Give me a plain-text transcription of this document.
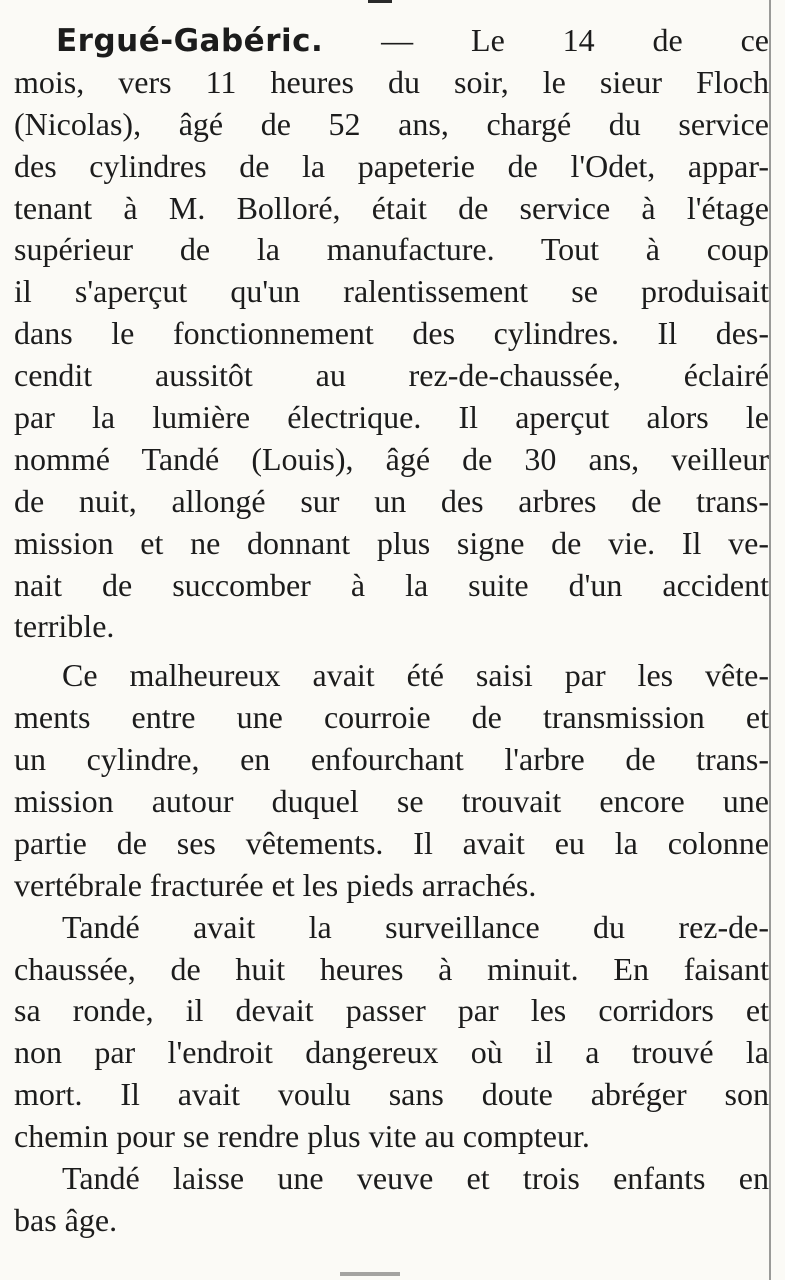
Ergué-Gabéric. — Le 14 de ce
mois, vers 11 heures du soir, le sieur Floch
(Nicolas), âgé de 52 ans, chargé du service
des cylindres de la papeterie de l'Odet, appar-
tenant à M. Bolloré, était de service à l'étage
supérieur de la manufacture. Tout à coup
il s'aperçut qu'un ralentissement se produisait
dans le fonctionnement des cylindres. Il des-
cendit aussitôt au rez-de-chaussée, éclairé
par la lumière électrique. Il aperçut alors le
nommé Tandé (Louis), âgé de 30 ans, veilleur
de nuit, allongé sur un des arbres de trans-
mission et ne donnant plus signe de vie. Il ve-
nait de succomber à la suite d'un accident
terrible.
Ce malheureux avait été saisi par les vête-
ments entre une courroie de transmission et
un cylindre, en enfourchant l'arbre de trans-
mission autour duquel se trouvait encore une
partie de ses vêtements. Il avait eu la colonne
vertébrale fracturée et les pieds arrachés.
Tandé avait la surveillance du rez-de-
chaussée, de huit heures à minuit. En faisant
sa ronde, il devait passer par les corridors et
non par l'endroit dangereux où il a trouvé la
mort. Il avait voulu sans doute abréger son
chemin pour se rendre plus vite au compteur.
Tandé laisse une veuve et trois enfants en
bas âge.
